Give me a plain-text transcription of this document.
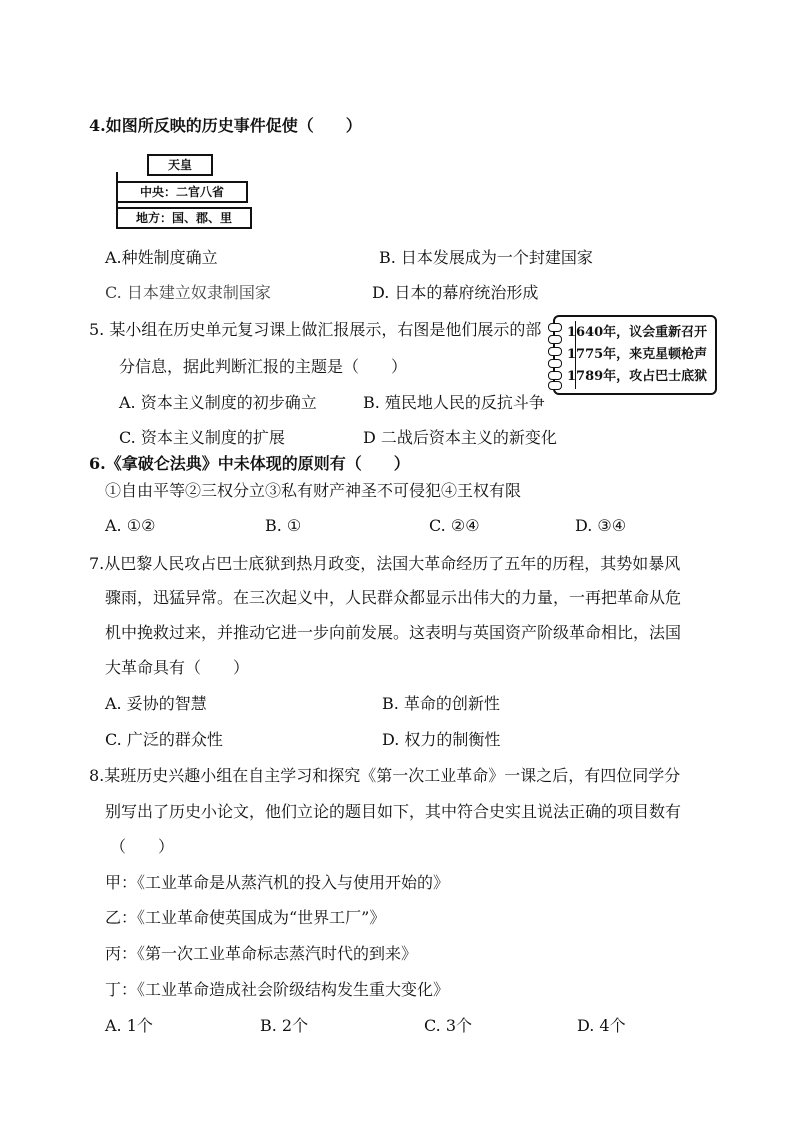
4.如图所反映的历史事件促使（　　）
天皇
中央：二官八省
地方：国、郡、里
A.种姓制度确立	B. 日本发展成为一个封建国家
C. 日本建立奴隶制国家	D. 日本的幕府统治形成
5. 某小组在历史单元复习课上做汇报展示，右图是他们展示的部
分信息，据此判断汇报的主题是（　　）
1640年，议会重新召开
1775年，来克星顿枪声
1789年，攻占巴士底狱
A. 资本主义制度的初步确立	B. 殖民地人民的反抗斗争
C. 资本主义制度的扩展	D 二战后资本主义的新变化
6.《拿破仑法典》中未体现的原则有（　　）
①自由平等②三权分立③私有财产神圣不可侵犯④王权有限
A. ①②	B. ①	C. ②④	D. ③④
7.从巴黎人民攻占巴士底狱到热月政变，法国大革命经历了五年的历程，其势如暴风
骤雨，迅猛异常。在三次起义中，人民群众都显示出伟大的力量，一再把革命从危
机中挽救过来，并推动它进一步向前发展。这表明与英国资产阶级革命相比，法国
大革命具有（　　）
A. 妥协的智慧	B. 革命的创新性
C. 广泛的群众性	D. 权力的制衡性
8.某班历史兴趣小组在自主学习和探究《第一次工业革命》一课之后，有四位同学分
别写出了历史小论文，他们立论的题目如下，其中符合史实且说法正确的项目数有
（　　）
甲：《工业革命是从蒸汽机的投入与使用开始的》
乙：《工业革命使英国成为“世界工厂”》
丙：《第一次工业革命标志蒸汽时代的到来》
丁：《工业革命造成社会阶级结构发生重大变化》
A. 1个	B. 2个	C. 3个	D. 4个
